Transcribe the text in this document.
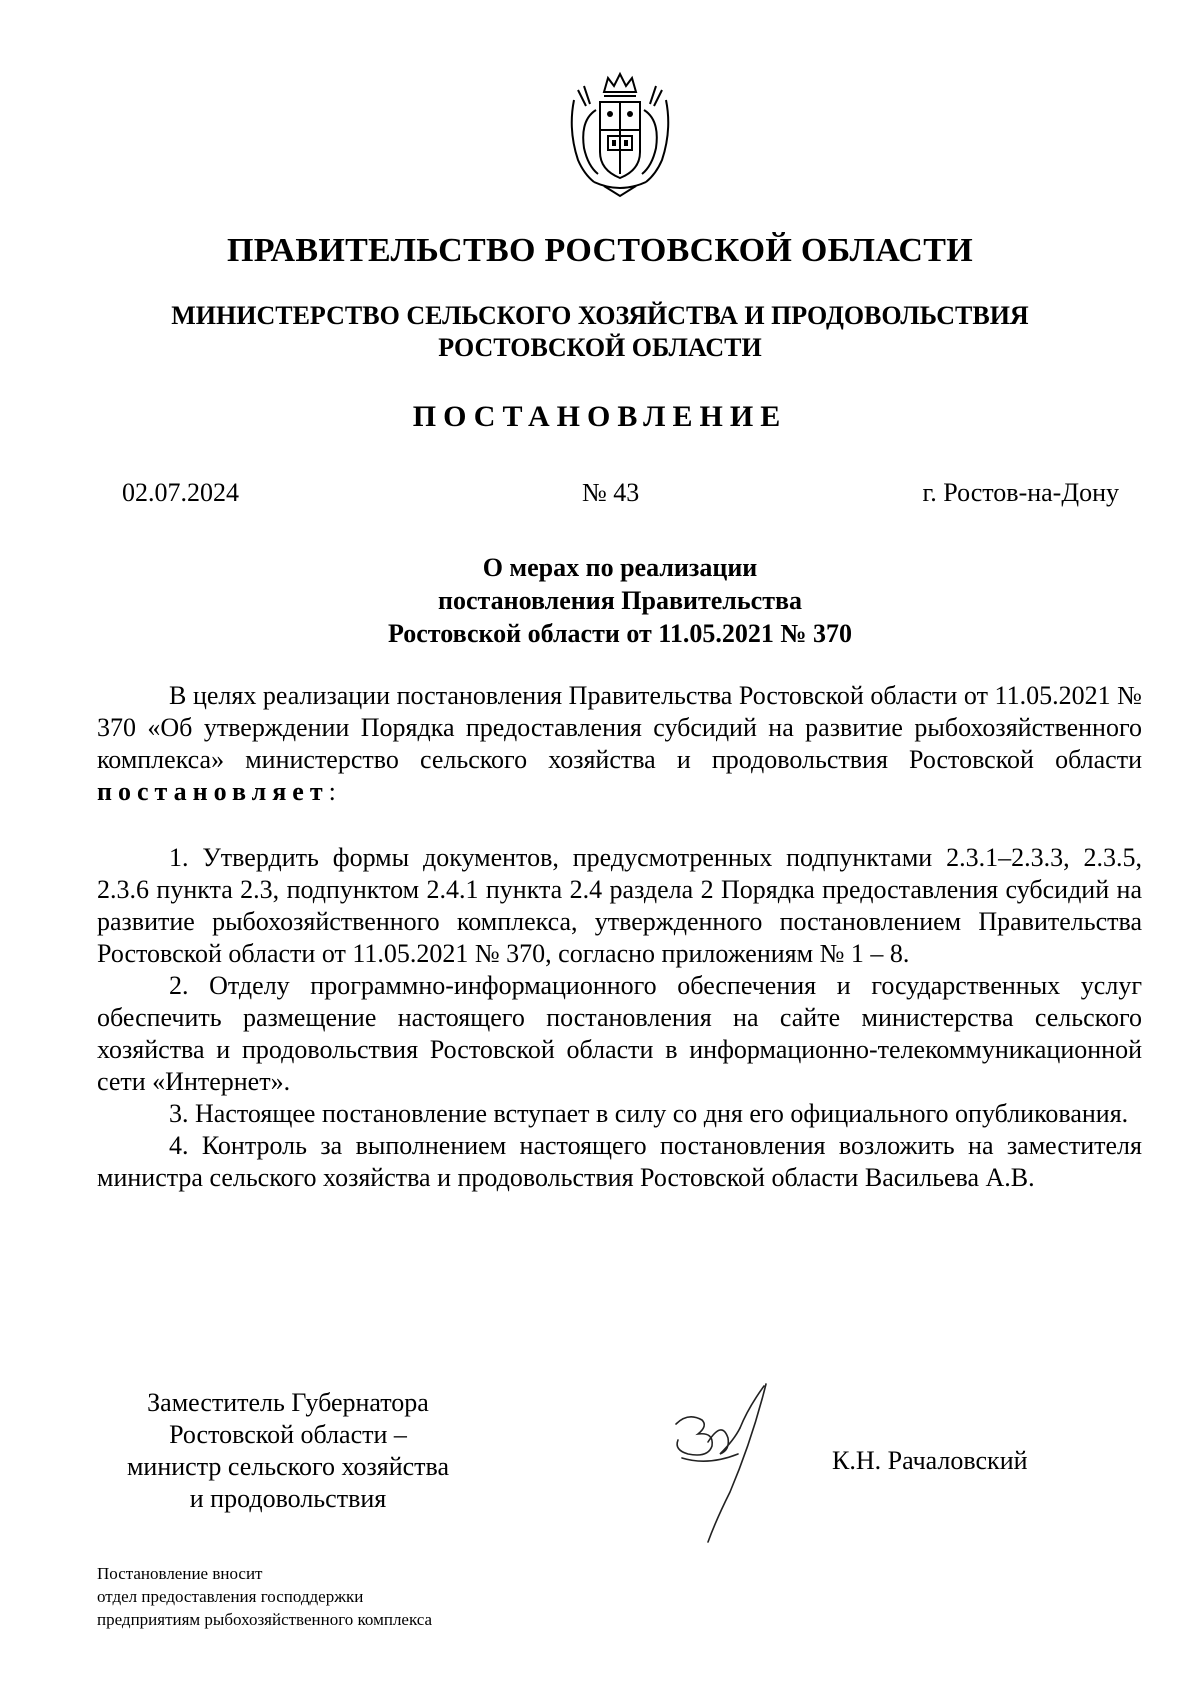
ПРАВИТЕЛЬСТВО РОСТОВСКОЙ ОБЛАСТИ
МИНИСТЕРСТВО СЕЛЬСКОГО ХОЗЯЙСТВА И ПРОДОВОЛЬСТВИЯ
РОСТОВСКОЙ ОБЛАСТИ
ПОСТАНОВЛЕНИЕ
02.07.2024	№ 43	г. Ростов-на-Дону
О мерах по реализации
постановления Правительства
Ростовской области от 11.05.2021 № 370

В целях реализации постановления Правительства Ростовской области от 11.05.2021 № 370 «Об утверждении Порядка предоставления субсидий на развитие рыбохозяйственного комплекса» министерство сельского хозяйства и продовольствия Ростовской области постановляет:

1. Утвердить формы документов, предусмотренных подпунктами 2.3.1–2.3.3, 2.3.5, 2.3.6 пункта 2.3, подпунктом 2.4.1 пункта 2.4 раздела 2 Порядка предоставления субсидий на развитие рыбохозяйственного комплекса, утвержденного постановлением Правительства Ростовской области от 11.05.2021 № 370, согласно приложениям № 1 – 8.

2. Отделу программно-информационного обеспечения и государственных услуг обеспечить размещение настоящего постановления на сайте министерства сельского хозяйства и продовольствия Ростовской области в информационно-телекоммуникационной сети «Интернет».

3. Настоящее постановление вступает в силу со дня его официального опубликования.

4. Контроль за выполнением настоящего постановления возложить на заместителя министра сельского хозяйства и продовольствия Ростовской области Васильева А.В.

Заместитель Губернатора
Ростовской области –
министр сельского хозяйства
и продовольствия
К.Н. Рачаловский
Постановление вносит
отдел предоставления господдержки
предприятиям рыбохозяйственного комплекса
